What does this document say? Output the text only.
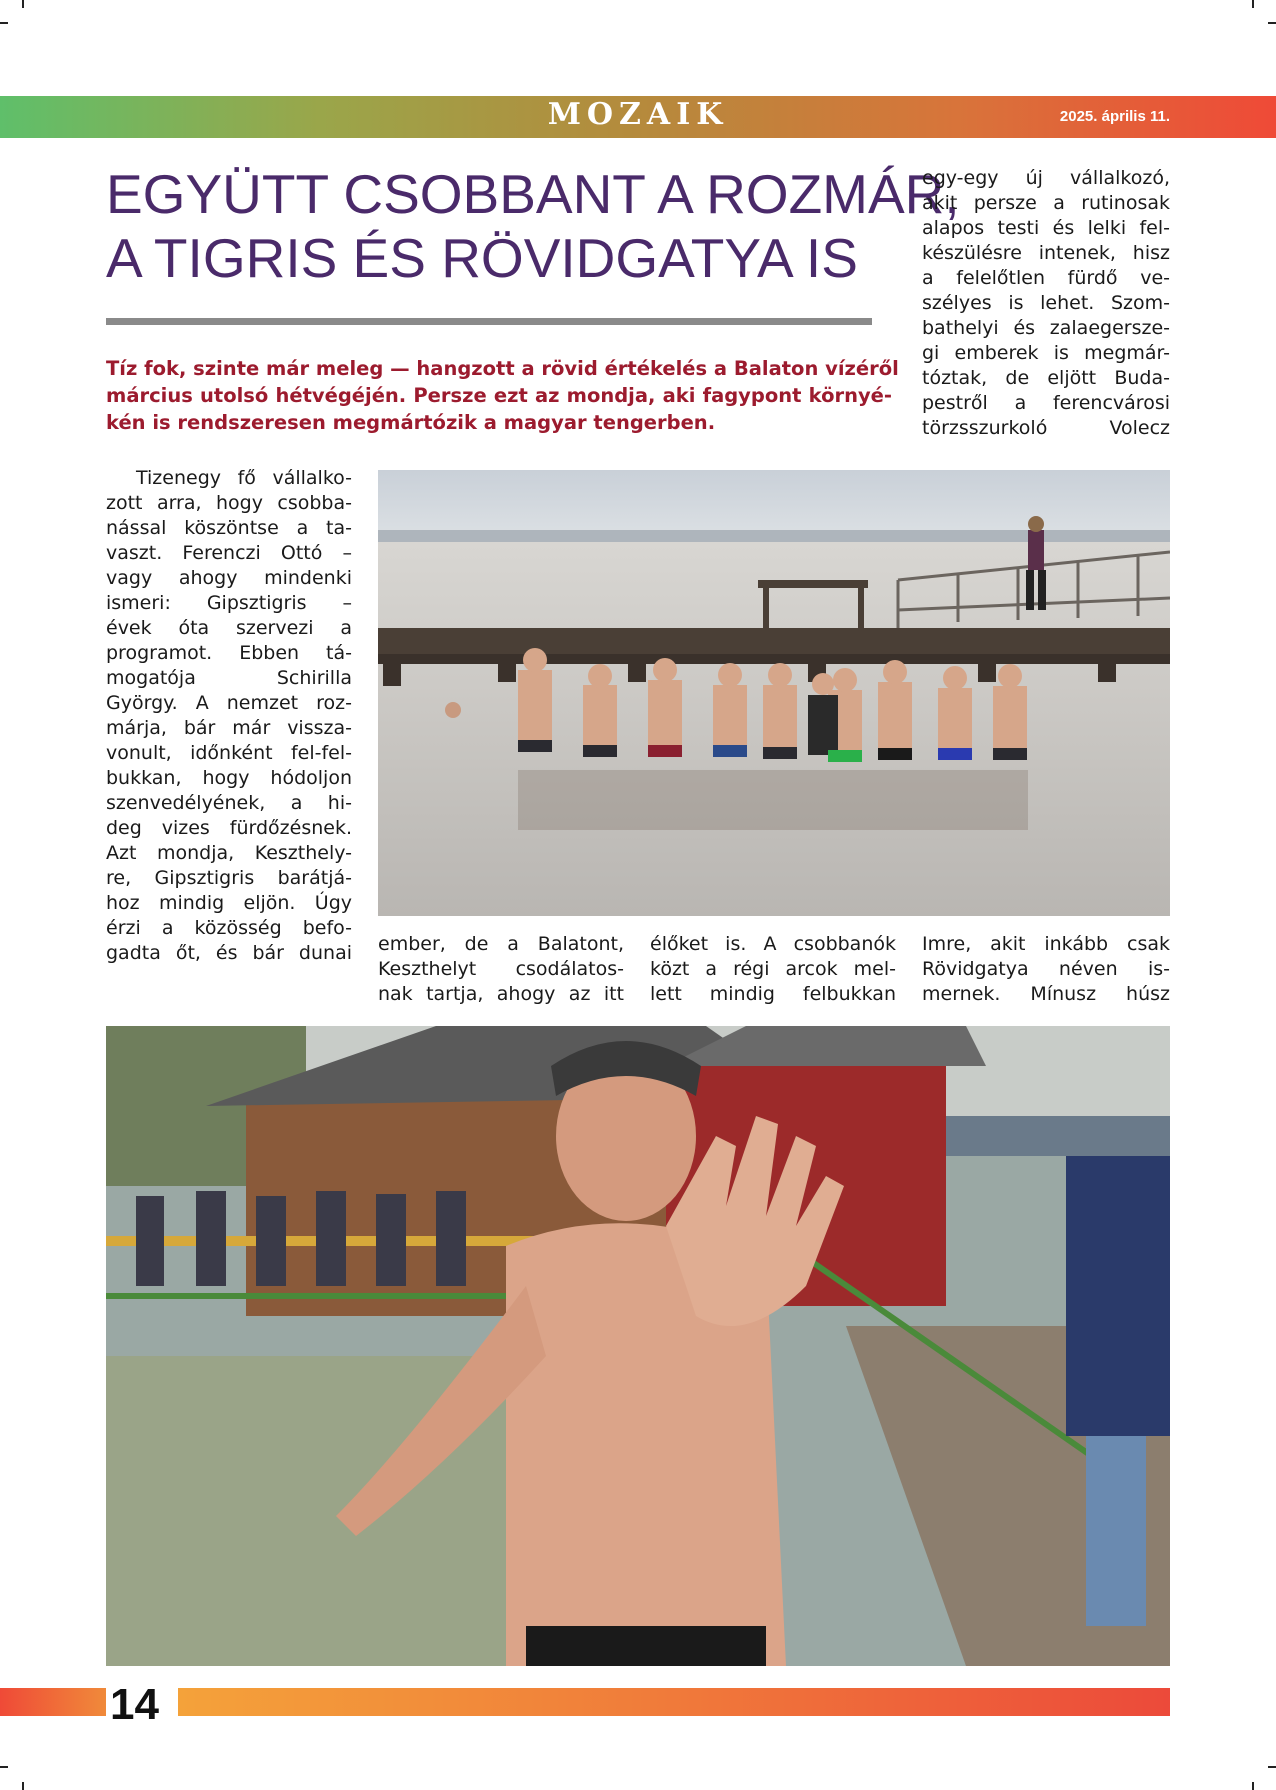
MOZAIK	2025. április 11.
EGYÜTT CSOBBANT A ROZMÁR,
A TIGRIS ÉS RÖVIDGATYA IS
Tíz fok, szinte már meleg — hangzott a rövid értékelés a Balaton vízéről
március utolsó hétvégéjén. Persze ezt az mondja, aki fagypont környé-
kén is rendszeresen megmártózik a magyar tengerben.
egy-egy új vállalkozó,
akit persze a rutinosak
alapos testi és lelki fel-
készülésre intenek, hisz
a felelőtlen fürdő ve-
szélyes is lehet. Szom-
bathelyi és zalaegersze-
gi emberek is megmár-
tóztak, de eljött Buda-
pestről a ferencvárosi
törzsszurkoló Volecz
Tizenegy fő vállalko-
zott arra, hogy csobba-
nással köszöntse a ta-
vaszt. Ferenczi Ottó –
vagy ahogy mindenki
ismeri: Gipsztigris –
évek óta szervezi a
programot. Ebben tá-
mogatója Schirilla
György. A nemzet roz-
márja, bár már vissza-
vonult, időnként fel-fel-
bukkan, hogy hódoljon
szenvedélyének, a hi-
deg vizes fürdőzésnek.
Azt mondja, Keszthely-
re, Gipsztigris barátjá-
hoz mindig eljön. Úgy
érzi a közösség befo-
gadta őt, és bár dunai ember, de a Balatont,
Keszthelyt csodálatos-
nak tartja, ahogy az itt
élőket is. A csobbanók
közt a régi arcok mel-
lett mindig felbukkan
Imre, akit inkább csak
Rövidgatya néven is-
mernek. Mínusz húsz
14
